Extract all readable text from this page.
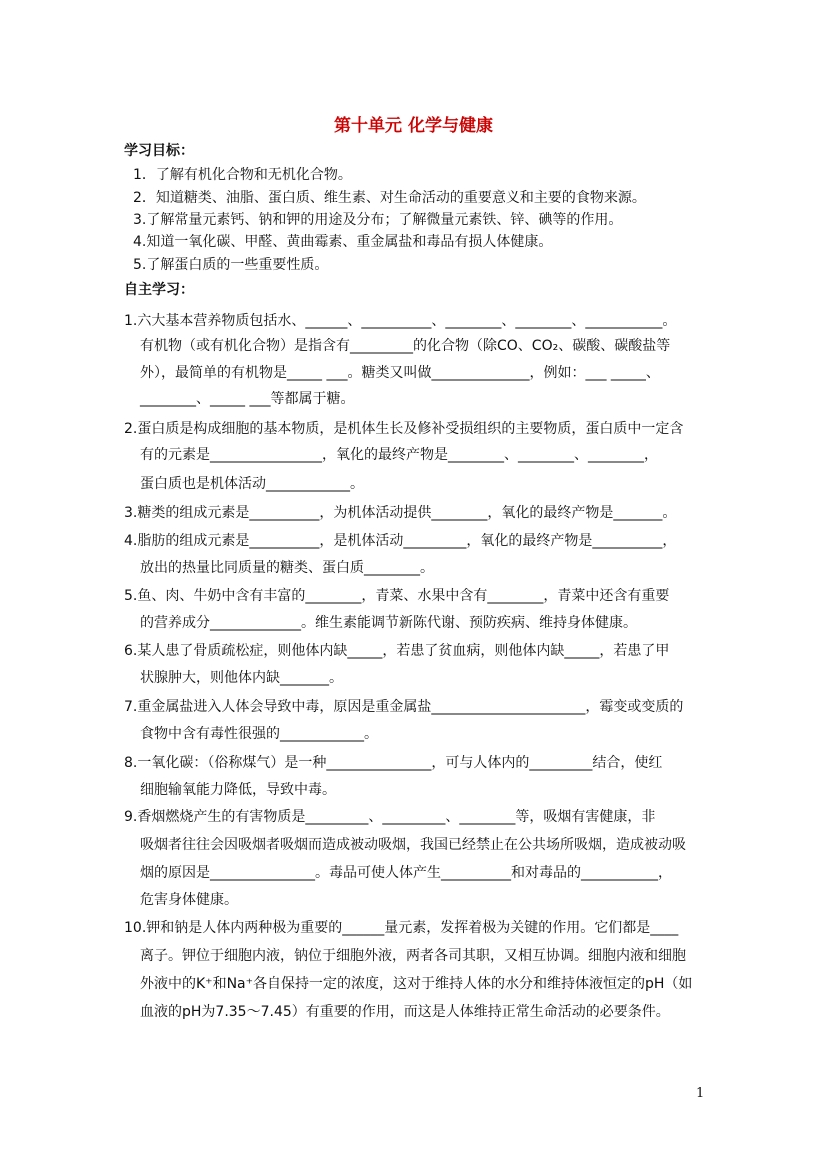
第十单元 化学与健康
学习目标：
1．了解有机化合物和无机化合物。
2．知道糖类、油脂、蛋白质、维生素、对生命活动的重要意义和主要的食物来源。
3.了解常量元素钙、钠和钾的用途及分布；了解微量元素铁、锌、碘等的作用。
4.知道一氧化碳、甲醛、黄曲霉素、重金属盐和毒品有损人体健康。
5.了解蛋白质的一些重要性质。
自主学习：
1.六大基本营养物质包括水、______、__________、________、________、___________。
有机物（或有机化合物）是指含有_________的化合物（除CO、CO₂、碳酸、碳酸盐等
外），最简单的有机物是_____ ___。糖类又叫做______________，例如：___ _____、
________、_____ ___等都属于糖。
2.蛋白质是构成细胞的基本物质，是机体生长及修补受损组织的主要物质，蛋白质中一定含
有的元素是________________，氧化的最终产物是________、________、________，
蛋白质也是机体活动____________。
3.糖类的组成元素是__________，为机体活动提供________，氧化的最终产物是_______。
4.脂肪的组成元素是__________，是机体活动_________，氧化的最终产物是__________，
放出的热量比同质量的糖类、蛋白质________。
5.鱼、肉、牛奶中含有丰富的________，青菜、水果中含有________，青菜中还含有重要
的营养成分_____________。维生素能调节新陈代谢、预防疾病、维持身体健康。
6.某人患了骨质疏松症，则他体内缺_____，若患了贫血病，则他体内缺_____，若患了甲
状腺肿大，则他体内缺_______。
7.重金属盐进入人体会导致中毒，原因是重金属盐______________________，霉变或变质的
食物中含有毒性很强的____________。
8.一氧化碳：（俗称煤气）是一种_______________，可与人体内的_________结合，使红
细胞输氧能力降低，导致中毒。
9.香烟燃烧产生的有害物质是_________、_________、________等，吸烟有害健康，非
吸烟者往往会因吸烟者吸烟而造成被动吸烟，我国已经禁止在公共场所吸烟，造成被动吸
烟的原因是_______________。毒品可使人体产生__________和对毒品的___________，
危害身体健康。
10.钾和钠是人体内两种极为重要的______量元素，发挥着极为关键的作用。它们都是____
离子。钾位于细胞内液，钠位于细胞外液，两者各司其职，又相互协调。细胞内液和细胞
外液中的K⁺和Na⁺各自保持一定的浓度，这对于维持人体的水分和维持体液恒定的pH（如
血液的pH为7.35～7.45）有重要的作用，而这是人体维持正常生命活动的必要条件。
1
